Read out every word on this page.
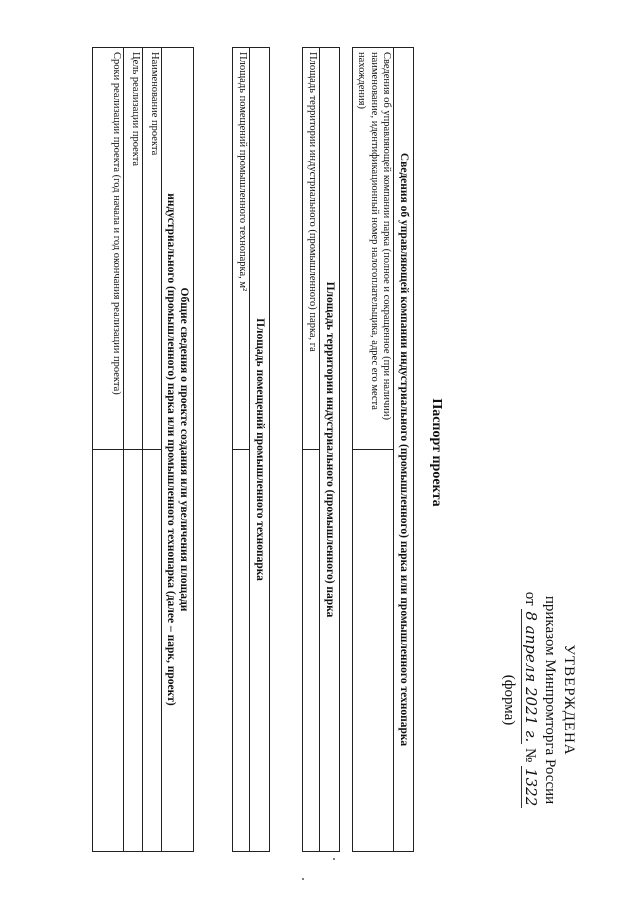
УТВЕРЖДЕНА
приказом Минпромторга России
от 8 апреля 2021 г. № 1322
(форма)
Паспорт проекта
Сведения об управляющей компании индустриального (промышленного) парка или промышленного технопарка
Сведения об управляющей компании парка (полное и сокращенное (при наличии) наименование, идентификационный номер налогоплательщика, адрес его места нахождения)	
Площадь территории индустриального (промышленного) парка
Площадь территории индустриального (промышленного) парка, га	
Площадь помещений промышленного технопарка
Площадь помещений промышленного технопарка, м²	
Общие сведения о проекте создания или увеличения площади
индустриального (промышленного) парка или промышленного технопарка (далее – парк, проект)	

Наименование проекта	
Цель реализации проекта	
Сроки реализации проекта (год начала и год окончания реализации проекта)	
